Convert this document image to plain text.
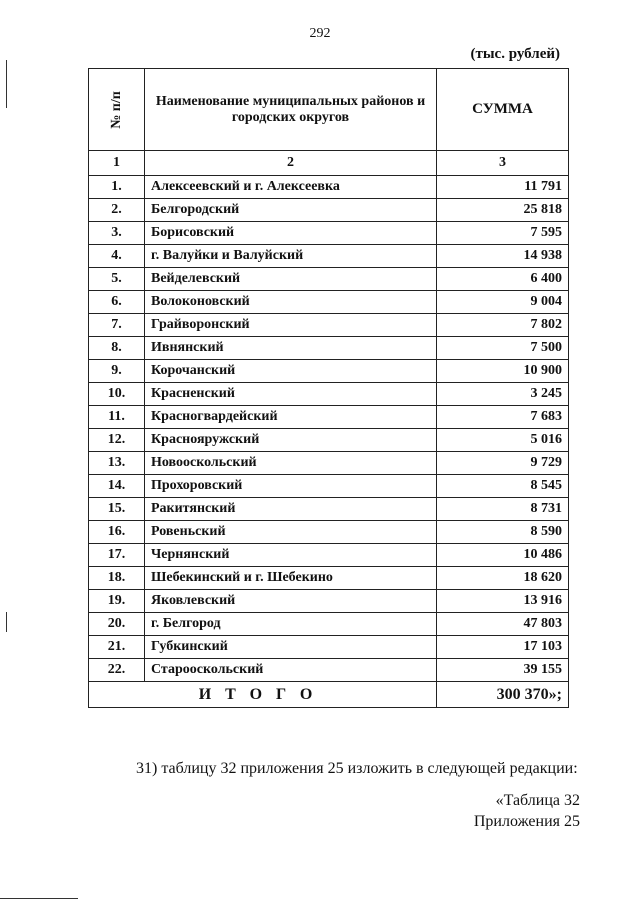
292
(тыс. рублей)
№ п/п	Наименование муниципальных районов и городских округов	СУММА
1	2	3
1.	Алексеевский и г. Алексеевка	11 791
2.	Белгородский	25 818
3.	Борисовский	7 595
4.	г. Валуйки и Валуйский	14 938
5.	Вейделевский	6 400
6.	Волоконовский	9 004
7.	Грайворонский	7 802
8.	Ивнянский	7 500
9.	Корочанский	10 900
10.	Красненский	3 245
11.	Красногвардейский	7 683
12.	Краснояружский	5 016
13.	Новооскольский	9 729
14.	Прохоровский	8 545
15.	Ракитянский	8 731
16.	Ровеньский	8 590
17.	Чернянский	10 486
18.	Шебекинский и г. Шебекино	18 620
19.	Яковлевский	13 916
20.	г. Белгород	47 803
21.	Губкинский	17 103
22.	Старооскольский	39 155
ИТОГО		300 370»;
31) таблицу 32 приложения 25 изложить в следующей редакции:
«Таблица 32
Приложения 25
